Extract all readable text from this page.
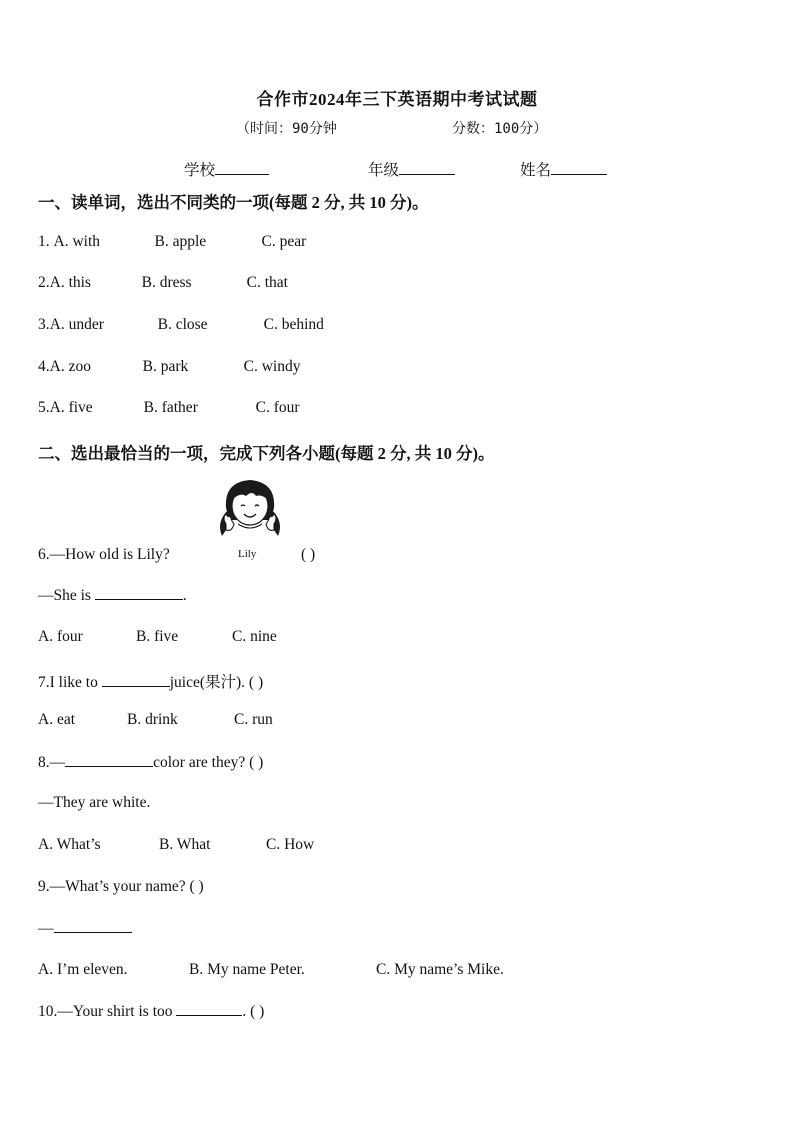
合作市2024年三下英语期中考试试题
（时间：90分钟	分数：100分）
学校	年级	姓名
一、读单词，选出不同类的一项(每题 2 分, 共 10 分)。
1. A. with	B. apple	C. pear
2.A. this	B. dress	C. that
3.A. under	B. close	C. behind
4.A. zoo	B. park	C. windy
5.A. five	B. father	C. four
二、选出最恰当的一项，完成下列各小题(每题 2 分, 共 10 分)。
Lily
6.—How old is Lily?	( )
—She is	.
A. four	B. five	C. nine
7.I like to	juice(果汁). ( )
A. eat	B. drink	C. run
8.—	color are they? ( )
—They are white.
A. What’s	B. What	C. How
9.—What’s your name? ( )
—
A. I’m eleven.	B. My name Peter.	C. My name’s Mike.
10.—Your shirt is too	. ( )
